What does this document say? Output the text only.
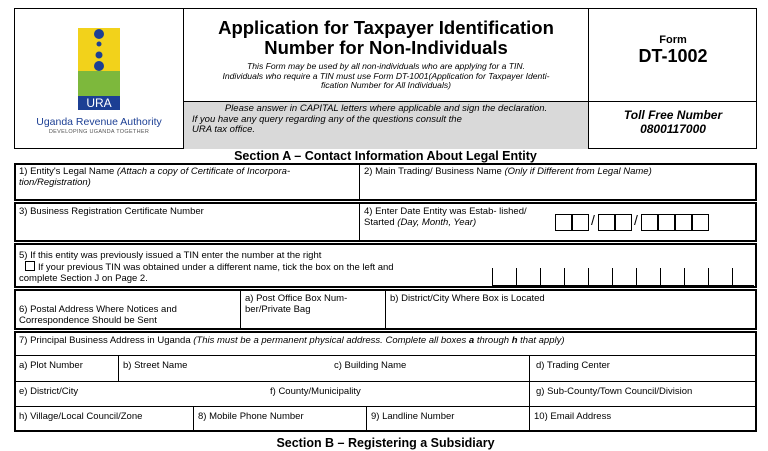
URA
Uganda Revenue Authority
DEVELOPING UGANDA TOGETHER
Application for Taxpayer Identification
Number for Non-Individuals
This Form may be used by all non-individuals who are applying for a TIN.
Individuals who require a TIN must use Form DT-1001(Application for Taxpayer Identi-
fication Number for All Individuals)
Please answer in CAPITAL letters where applicable and sign the declaration.
If you have any query regarding any of the questions consult the
URA tax office.
Form
DT-1002
Toll Free Number
0800117000
Section A – Contact Information About Legal Entity
1) Entity's Legal Name (Attach a copy of Certificate of Incorpora- tion/Registration)
2) Main Trading/ Business Name (Only if Different from Legal Name)
3) Business Registration Certificate Number	4) Enter Date Entity was Estab- lished/ Started (Day, Month, Year)	/	/
5) If this entity was previously issued a TIN enter the number at the right
If your previous TIN was obtained under a different name, tick the box on the left and
complete Section J on Page 2.
6) Postal Address Where Notices and Correspondence Should be Sent
a) Post Office Box Num- ber/Private Bag
b) District/City Where Box is Located
7) Principal Business Address in Uganda (This must be a permanent physical address. Complete all boxes a through h that apply)
a) Plot Number	b) Street Name	c) Building Name	d) Trading Center
e) District/City	f) County/Municipality	g) Sub-County/Town Council/Division
h) Village/Local Council/Zone	8) Mobile Phone Number	9) Landline Number	10) Email Address
Section B – Registering a Subsidiary
